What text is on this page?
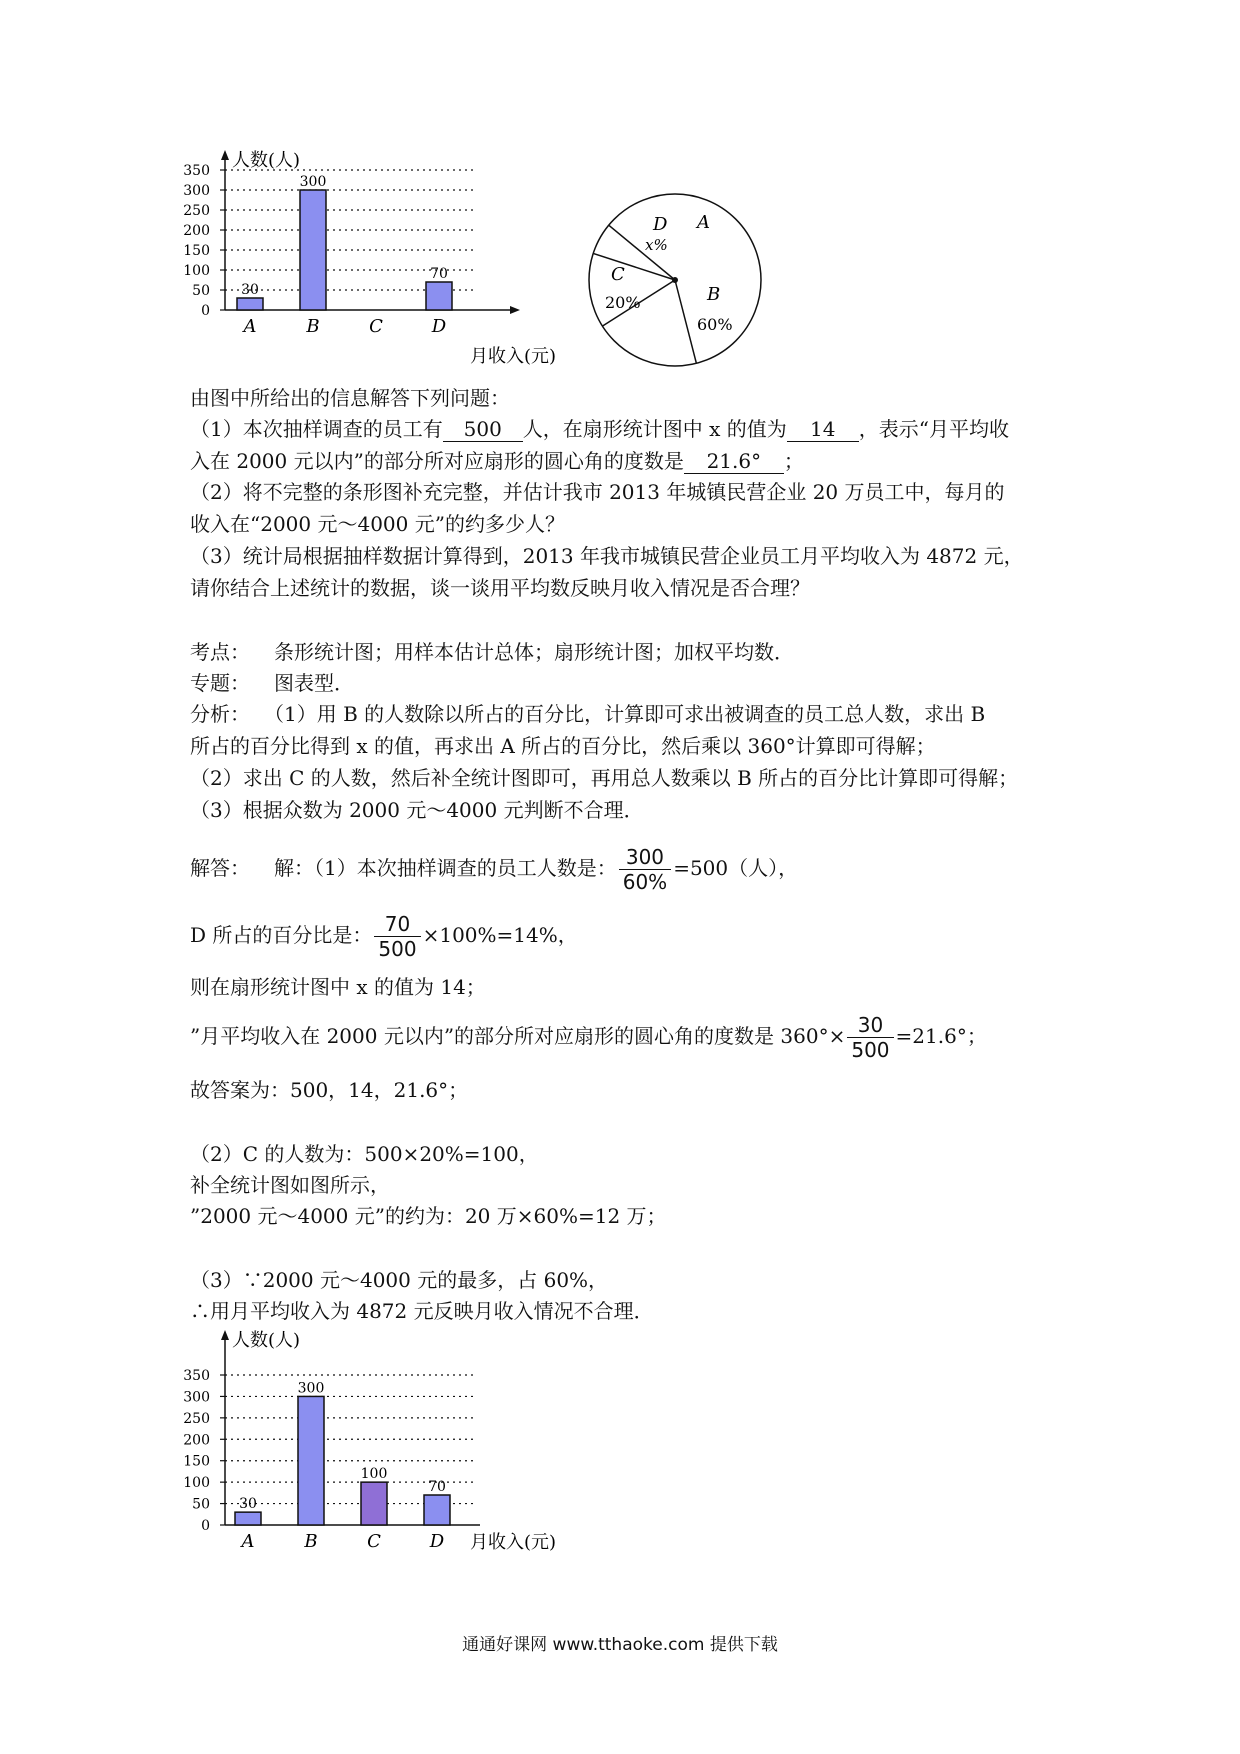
人数(人)
月收入(元)
0
50
100
150
200
250
300
350
30
A
300
B	C
70
D
D
x%
A
C
20%	B
60%
由图中所给出的信息解答下列问题：
（1）本次抽样调查的员工有 500 人，在扇形统计图中 x 的值为 14 ，表示“月平均收
入在 2000 元以内”的部分所对应扇形的圆心角的度数是 21.6° ；
（2）将不完整的条形图补充完整，并估计我市 2013 年城镇民营企业 20 万员工中，每月的
收入在“2000 元～4000 元”的约多少人？
（3）统计局根据抽样数据计算得到，2013 年我市城镇民营企业员工月平均收入为 4872 元，
请你结合上述统计的数据，谈一谈用平均数反映月收入情况是否合理？
考点： 条形统计图；用样本估计总体；扇形统计图；加权平均数．
专题： 图表型．
分析： （1）用 B 的人数除以所占的百分比，计算即可求出被调查的员工总人数，求出 B
所占的百分比得到 x 的值，再求出 A 所占的百分比，然后乘以 360°计算即可得解；
（2）求出 C 的人数，然后补全统计图即可，再用总人数乘以 B 所占的百分比计算即可得解；
（3）根据众数为 2000 元～4000 元判断不合理．
解答： 解：（1）本次抽样调查的员工人数是： $\frac{300}{60\%} =500$（人），
D 所占的百分比是： $\frac{70}{500} \times 100\%=14\%$，
则在扇形统计图中 x 的值为 14；
”月平均收入在 2000 元以内”的部分所对应扇形的圆心角的度数是 $360^\circ\times \frac{30}{500} =21.6^\circ$；
故答案为：500，14，21.6°；
（2）C 的人数为：500×20%=100，
补全统计图如图所示，
”2000 元～4000 元”的约为：20 万×60%=12 万；
（3）∵2000 元～4000 元的最多，占 60%，
∴用月平均收入为 4872 元反映月收入情况不合理．
人数(人)
月收入(元)
0
50
100
150
200
250
300
350
30
A
300
B
100
C
70
D
通通好课网 www.tthaoke.com 提供下载
